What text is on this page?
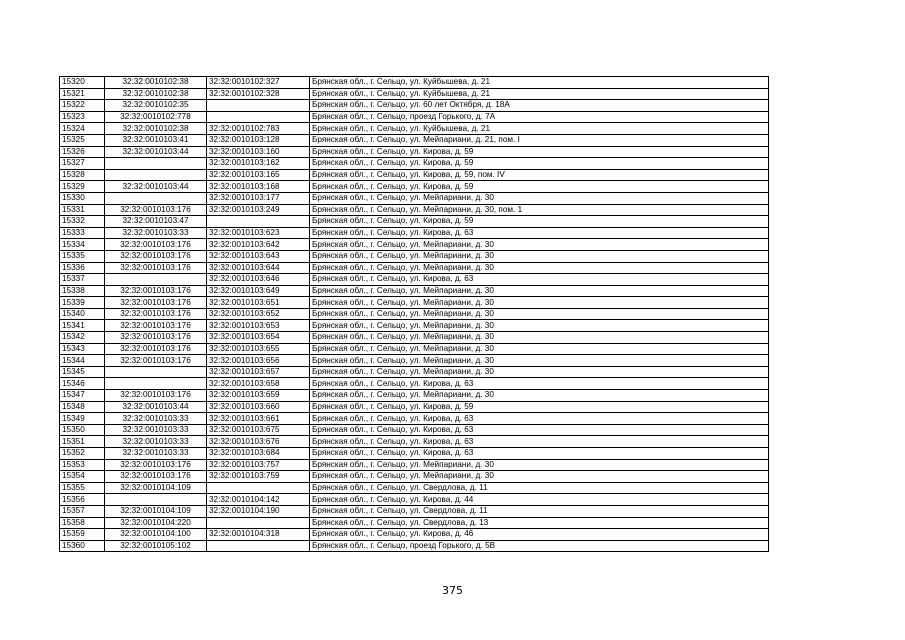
15320	32:32:0010102:38	32:32:0010102:327	Брянская обл., г. Сельцо, ул. Куйбышева, д. 21
15321	32:32:0010102:38	32:32:0010102:328	Брянская обл., г. Сельцо, ул. Куйбышева, д. 21
15322	32:32:0010102:35		Брянская обл., г. Сельцо, ул. 60 лет Октября, д. 18А
15323	32:32:0010102:778		Брянская обл., г. Сельцо, проезд Горького, д. 7А
15324	32:32:0010102:38	32:32:0010102:783	Брянская обл., г. Сельцо, ул. Куйбышева, д. 21
15325	32:32:0010103:41	32:32:0010103:128	Брянская обл., г. Сельцо, ул. Мейпариани, д. 21, пом. I
15326	32:32:0010103:44	32:32:0010103:160	Брянская обл., г. Сельцо, ул. Кирова, д. 59
15327		32:32:0010103:162	Брянская обл., г. Сельцо, ул. Кирова, д. 59
15328		32:32:0010103:165	Брянская обл., г. Сельцо, ул. Кирова, д. 59, пом. IV
15329	32:32:0010103:44	32:32:0010103:168	Брянская обл., г. Сельцо, ул. Кирова, д. 59
15330		32:32:0010103:177	Брянская обл., г. Сельцо, ул. Мейпариани, д. 30
15331	32:32:0010103:176	32:32:0010103:249	Брянская обл., г. Сельцо, ул. Мейпариани, д. 30, пом. 1
15332	32:32:0010103:47		Брянская обл., г. Сельцо, ул. Кирова, д. 59
15333	32:32:0010103:33	32:32:0010103:623	Брянская обл., г. Сельцо, ул. Кирова, д. 63
15334	32:32:0010103:176	32:32:0010103:642	Брянская обл., г. Сельцо, ул. Мейпариани, д. 30
15335	32:32:0010103:176	32:32:0010103:643	Брянская обл., г. Сельцо, ул. Мейпариани, д. 30
15336	32:32:0010103:176	32:32:0010103:644	Брянская обл., г. Сельцо, ул. Мейпариани, д. 30
15337		32:32:0010103:646	Брянская обл., г. Сельцо, ул. Кирова, д. 63
15338	32:32:0010103:176	32:32:0010103:649	Брянская обл., г. Сельцо, ул. Мейпариани, д. 30
15339	32:32:0010103:176	32:32:0010103:651	Брянская обл., г. Сельцо, ул. Мейпариани, д. 30
15340	32:32:0010103:176	32:32:0010103:652	Брянская обл., г. Сельцо, ул. Мейпариани, д. 30
15341	32:32:0010103:176	32:32:0010103:653	Брянская обл., г. Сельцо, ул. Мейпариани, д. 30
15342	32:32:0010103:176	32:32:0010103:654	Брянская обл., г. Сельцо, ул. Мейпариани, д. 30
15343	32:32:0010103:176	32:32:0010103:655	Брянская обл., г. Сельцо, ул. Мейпариани, д. 30
15344	32:32:0010103:176	32:32:0010103:656	Брянская обл., г. Сельцо, ул. Мейпариани, д. 30
15345		32:32:0010103:657	Брянская обл., г. Сельцо, ул. Мейпариани, д. 30
15346		32:32:0010103:658	Брянская обл., г. Сельцо, ул. Кирова, д. 63
15347	32:32:0010103:176	32:32:0010103:659	Брянская обл., г. Сельцо, ул. Мейпариани, д. 30
15348	32:32:0010103:44	32:32:0010103:660	Брянская обл., г. Сельцо, ул. Кирова, д. 59
15349	32:32:0010103:33	32:32:0010103:661	Брянская обл., г. Сельцо, ул. Кирова, д. 63
15350	32:32:0010103:33	32:32:0010103:675	Брянская обл., г. Сельцо, ул. Кирова, д. 63
15351	32:32:0010103:33	32:32:0010103:676	Брянская обл., г. Сельцо, ул. Кирова, д. 63
15352	32:32:0010103:33	32:32:0010103:684	Брянская обл., г. Сельцо, ул. Кирова, д. 63
15353	32:32:0010103:176	32:32:0010103:757	Брянская обл., г. Сельцо, ул. Мейпариани, д. 30
15354	32:32:0010103:176	32:32:0010103:759	Брянская обл., г. Сельцо, ул. Мейпариани, д. 30
15355	32:32:0010104:109		Брянская обл., г. Сельцо, ул. Свердлова, д. 11
15356		32:32:0010104:142	Брянская обл., г. Сельцо, ул. Кирова, д. 44
15357	32:32:0010104:109	32:32:0010104:190	Брянская обл., г. Сельцо, ул. Свердлова, д. 11
15358	32:32:0010104:220		Брянская обл., г. Сельцо, ул. Свердлова, д. 13
15359	32:32:0010104:100	32:32:0010104:318	Брянская обл., г. Сельцо, ул. Кирова, д. 46
15360	32:32:0010105:102		Брянская обл., г. Сельцо, проезд Горького, д. 5В
375
